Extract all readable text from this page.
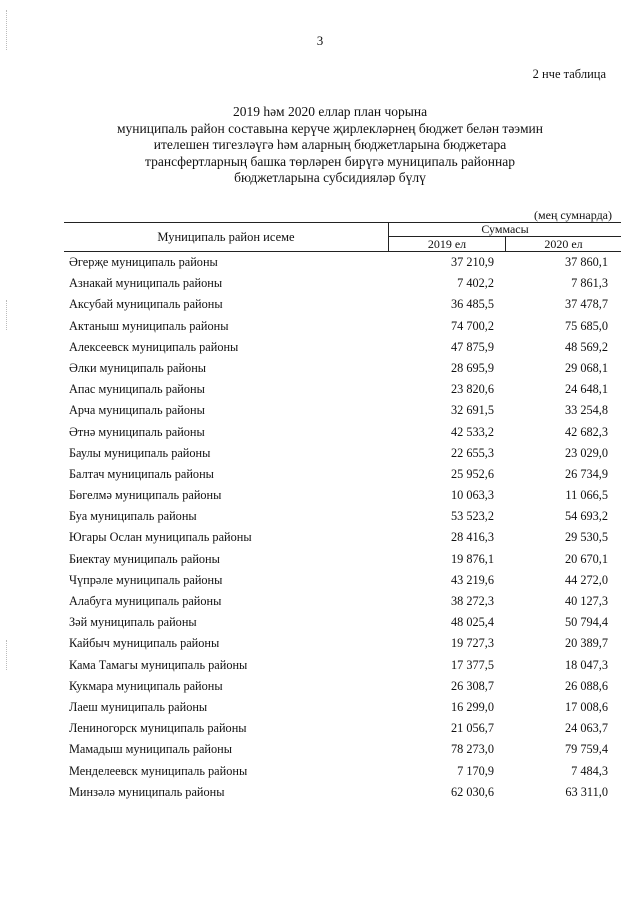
3
2 нче таблица
2019 һәм 2020 еллар план чорына
муниципаль район составына керүче җирлекләрнең бюджет белән тәэмин
ителешен тигезләүгә һәм аларның бюджетларына бюджетара
трансфертларның башка төрләрен бирүгә муниципаль районнар
бюджетларына субсидияләр бүлү
(мең сумнарда)
Муниципаль район исеме
Суммасы
2019 ел	2020 ел
Әгерҗе муниципаль районы	37 210,9	37 860,1
Азнакай муниципаль районы	7 402,2	7 861,3
Аксубай муниципаль районы	36 485,5	37 478,7
Актаныш муниципаль районы	74 700,2	75 685,0
Алексеевск муниципаль районы	47 875,9	48 569,2
Әлки муниципаль районы	28 695,9	29 068,1
Апас муниципаль районы	23 820,6	24 648,1
Арча муниципаль районы	32 691,5	33 254,8
Әтнә муниципаль районы	42 533,2	42 682,3
Баулы муниципаль районы	22 655,3	23 029,0
Балтач муниципаль районы	25 952,6	26 734,9
Бөгелмә муниципаль районы	10 063,3	11 066,5
Буа муниципаль районы	53 523,2	54 693,2
Югары Ослан муниципаль районы	28 416,3	29 530,5
Биектау муниципаль районы	19 876,1	20 670,1
Чүпрәле муниципаль районы	43 219,6	44 272,0
Алабуга муниципаль районы	38 272,3	40 127,3
Зәй муниципаль районы	48 025,4	50 794,4
Кайбыч муниципаль районы	19 727,3	20 389,7
Кама Тамагы муниципаль районы	17 377,5	18 047,3
Кукмара муниципаль районы	26 308,7	26 088,6
Лаеш муниципаль районы	16 299,0	17 008,6
Лениногорск муниципаль районы	21 056,7	24 063,7
Мамадыш муниципаль районы	78 273,0	79 759,4
Менделеевск муниципаль районы	7 170,9	7 484,3
Минзәлә муниципаль районы	62 030,6	63 311,0
